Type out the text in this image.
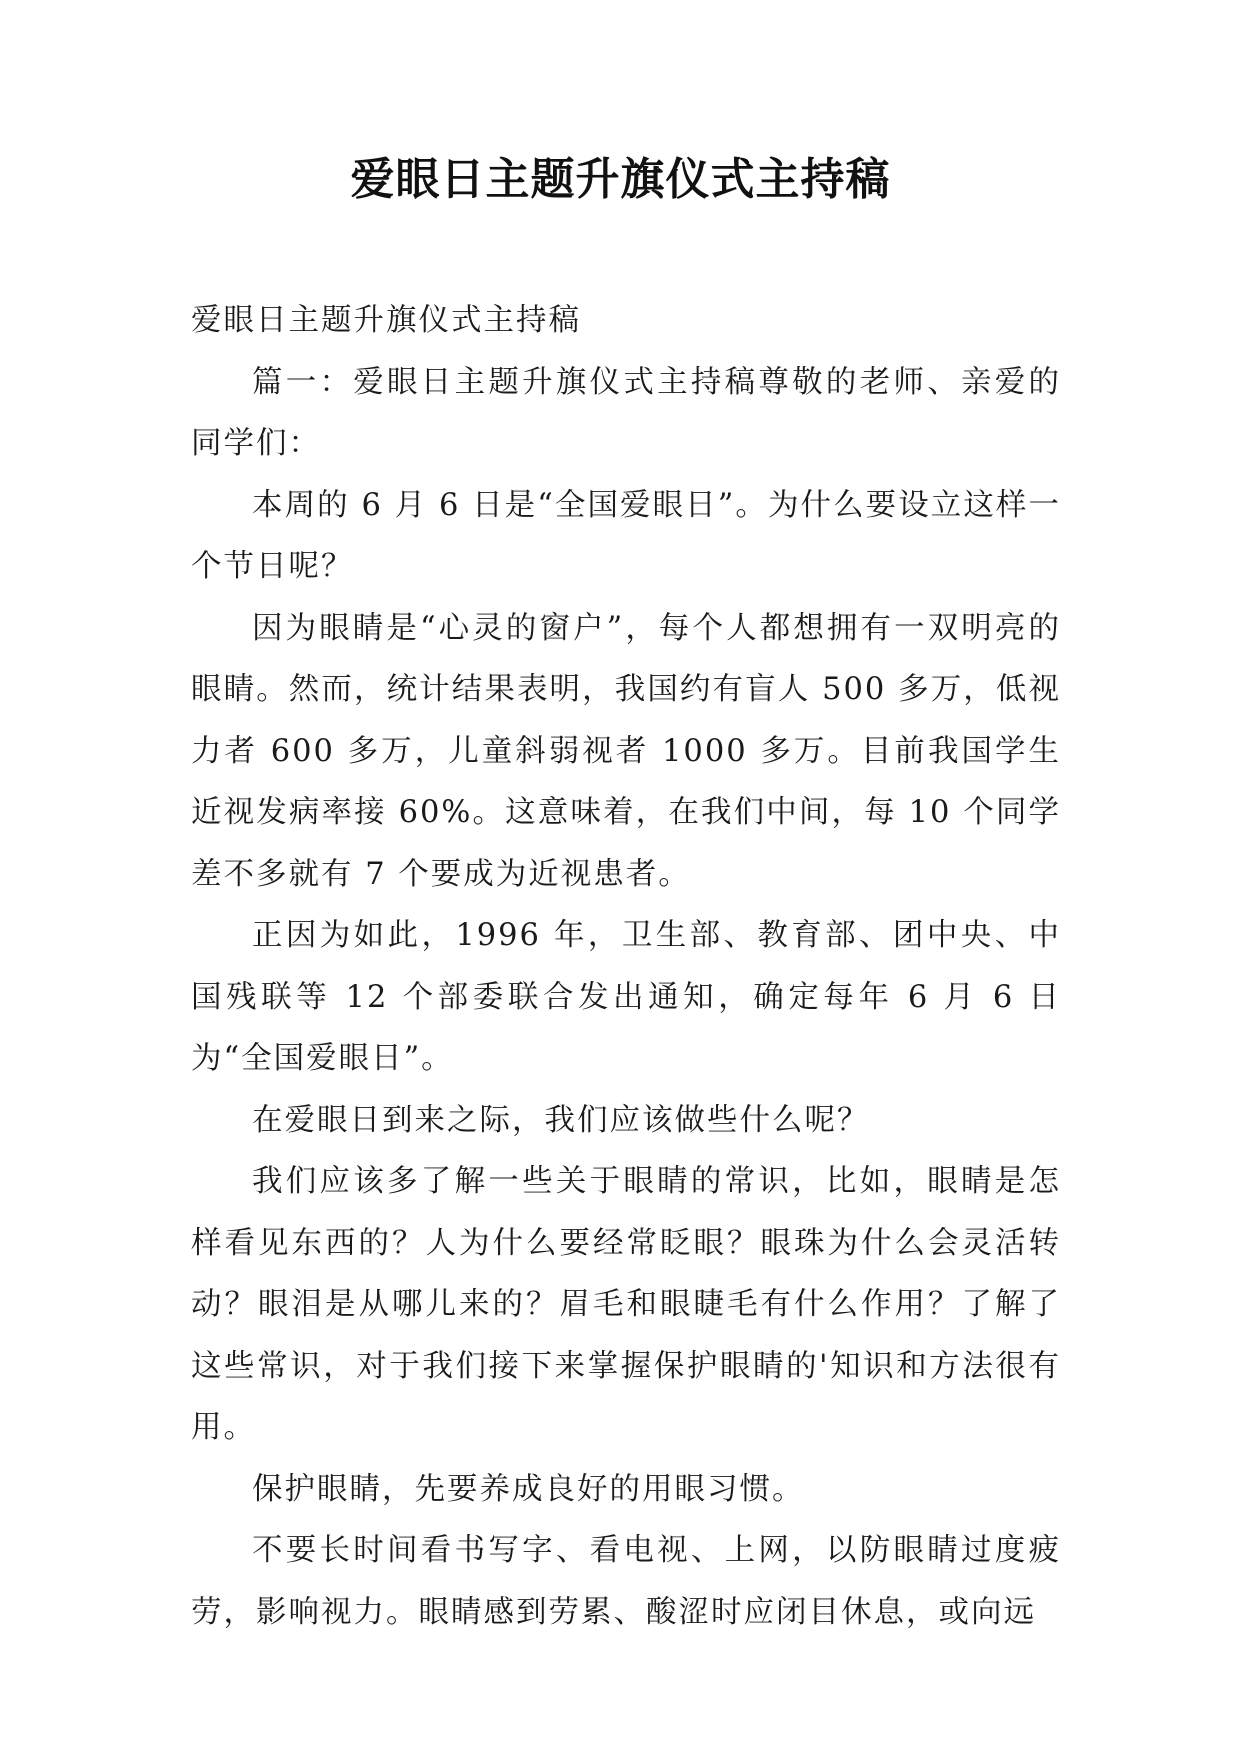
爱眼日主题升旗仪式主持稿

爱眼日主题升旗仪式主持稿

篇一：爱眼日主题升旗仪式主持稿尊敬的老师、亲爱的同学们：

本周的 6 月 6 日是“全国爱眼日”。为什么要设立这样一个节日呢？

因为眼睛是“心灵的窗户”，每个人都想拥有一双明亮的眼睛。然而，统计结果表明，我国约有盲人 500 多万，低视力者 600 多万，儿童斜弱视者 1000 多万。目前我国学生近视发病率接 60%。这意味着，在我们中间，每 10 个同学差不多就有 7 个要成为近视患者。

正因为如此，1996 年，卫生部、教育部、团中央、中国残联等 12 个部委联合发出通知，确定每年 6 月 6 日为“全国爱眼日”。

在爱眼日到来之际，我们应该做些什么呢？

我们应该多了解一些关于眼睛的常识，比如，眼睛是怎样看见东西的？人为什么要经常眨眼？眼珠为什么会灵活转动？眼泪是从哪儿来的？眉毛和眼睫毛有什么作用？了解了这些常识，对于我们接下来掌握保护眼睛的'知识和方法很有用。

保护眼睛，先要养成良好的用眼习惯。

不要长时间看书写字、看电视、上网，以防眼睛过度疲劳，影响视力。眼睛感到劳累、酸涩时应闭目休息，或向远
